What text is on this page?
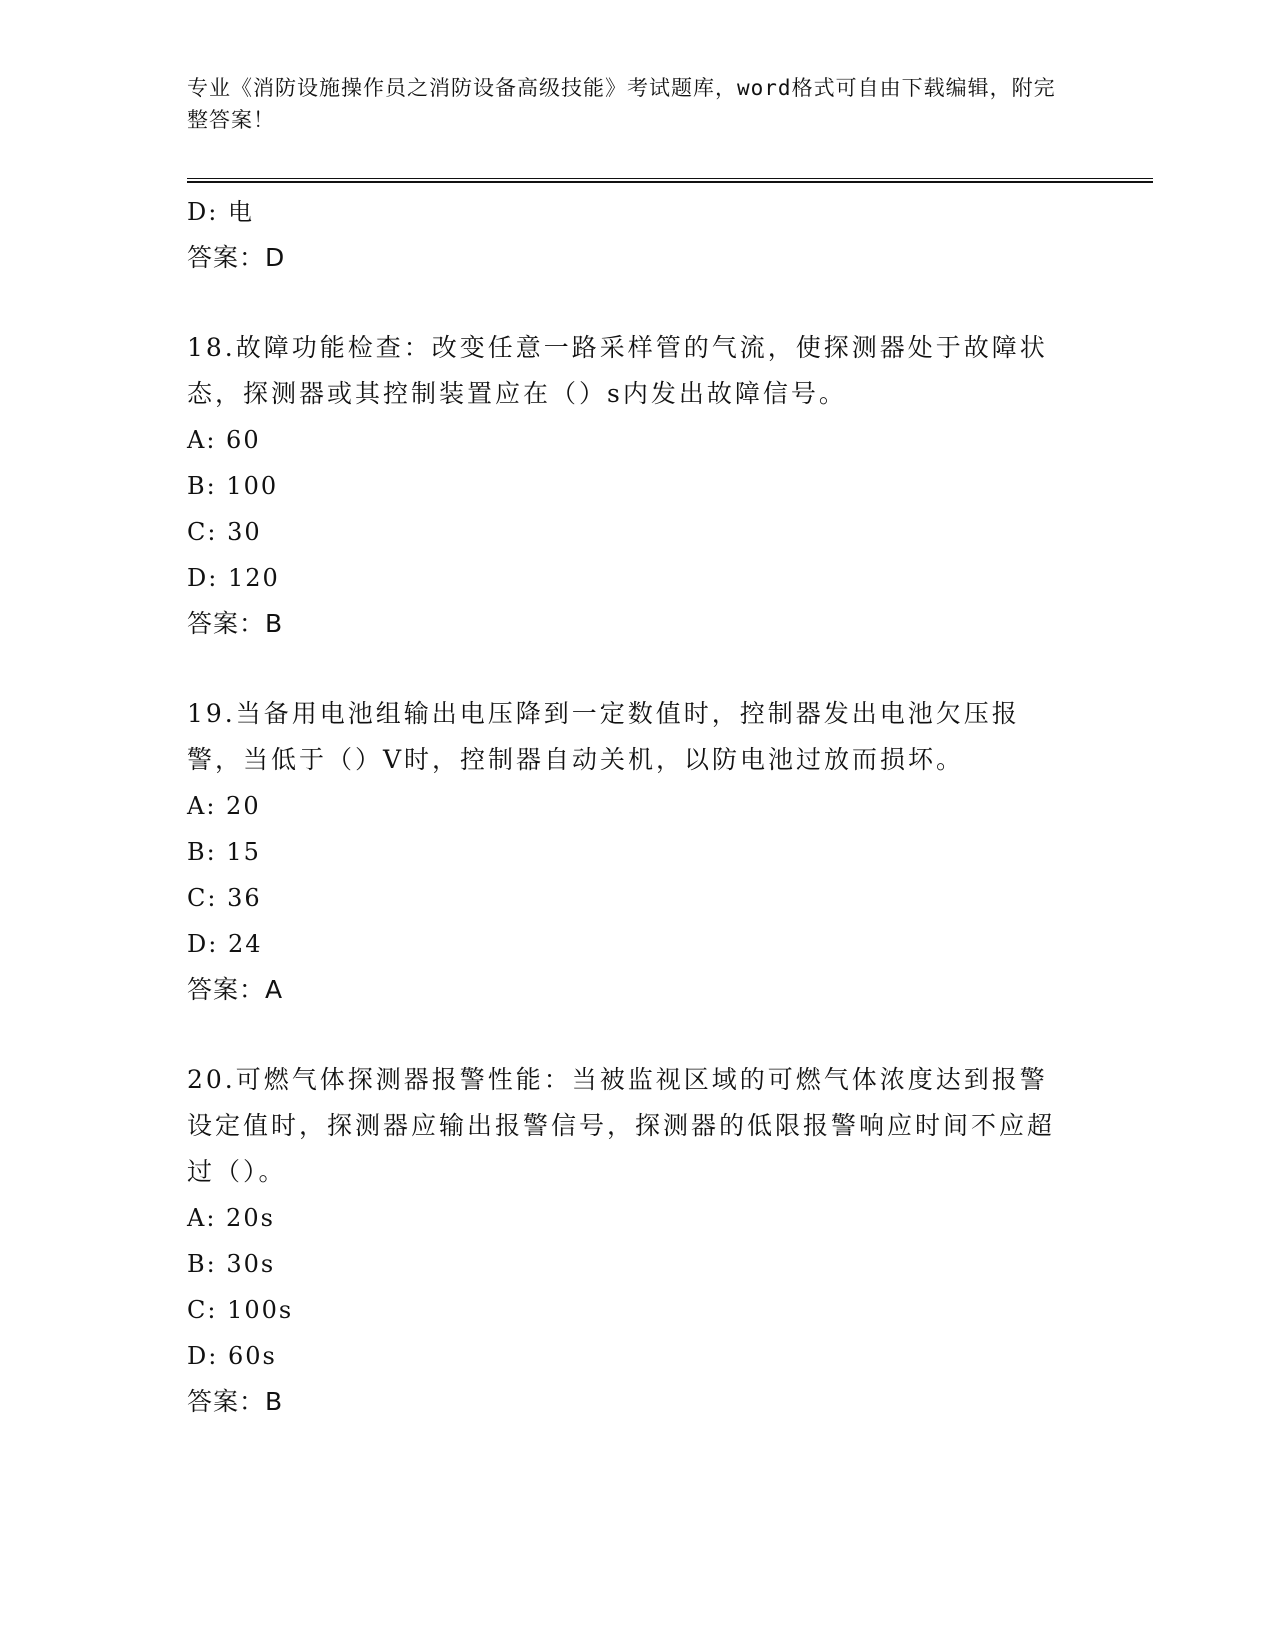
专业《消防设施操作员之消防设备高级技能》考试题库，word格式可自由下载编辑，附完整答案！
D: 电
答案：D
18.故障功能检查：改变任意一路采样管的气流，使探测器处于故障状态，探测器或其控制装置应在（）s内发出故障信号。
A: 60
B: 100
C: 30
D: 120
答案：B
19.当备用电池组输出电压降到一定数值时，控制器发出电池欠压报警，当低于（）V时，控制器自动关机，以防电池过放而损坏。
A: 20
B: 15
C: 36
D: 24
答案：A
20.可燃气体探测器报警性能：当被监视区域的可燃气体浓度达到报警设定值时，探测器应输出报警信号，探测器的低限报警响应时间不应超过（）。
A: 20s
B: 30s
C: 100s
D: 60s
答案：B
